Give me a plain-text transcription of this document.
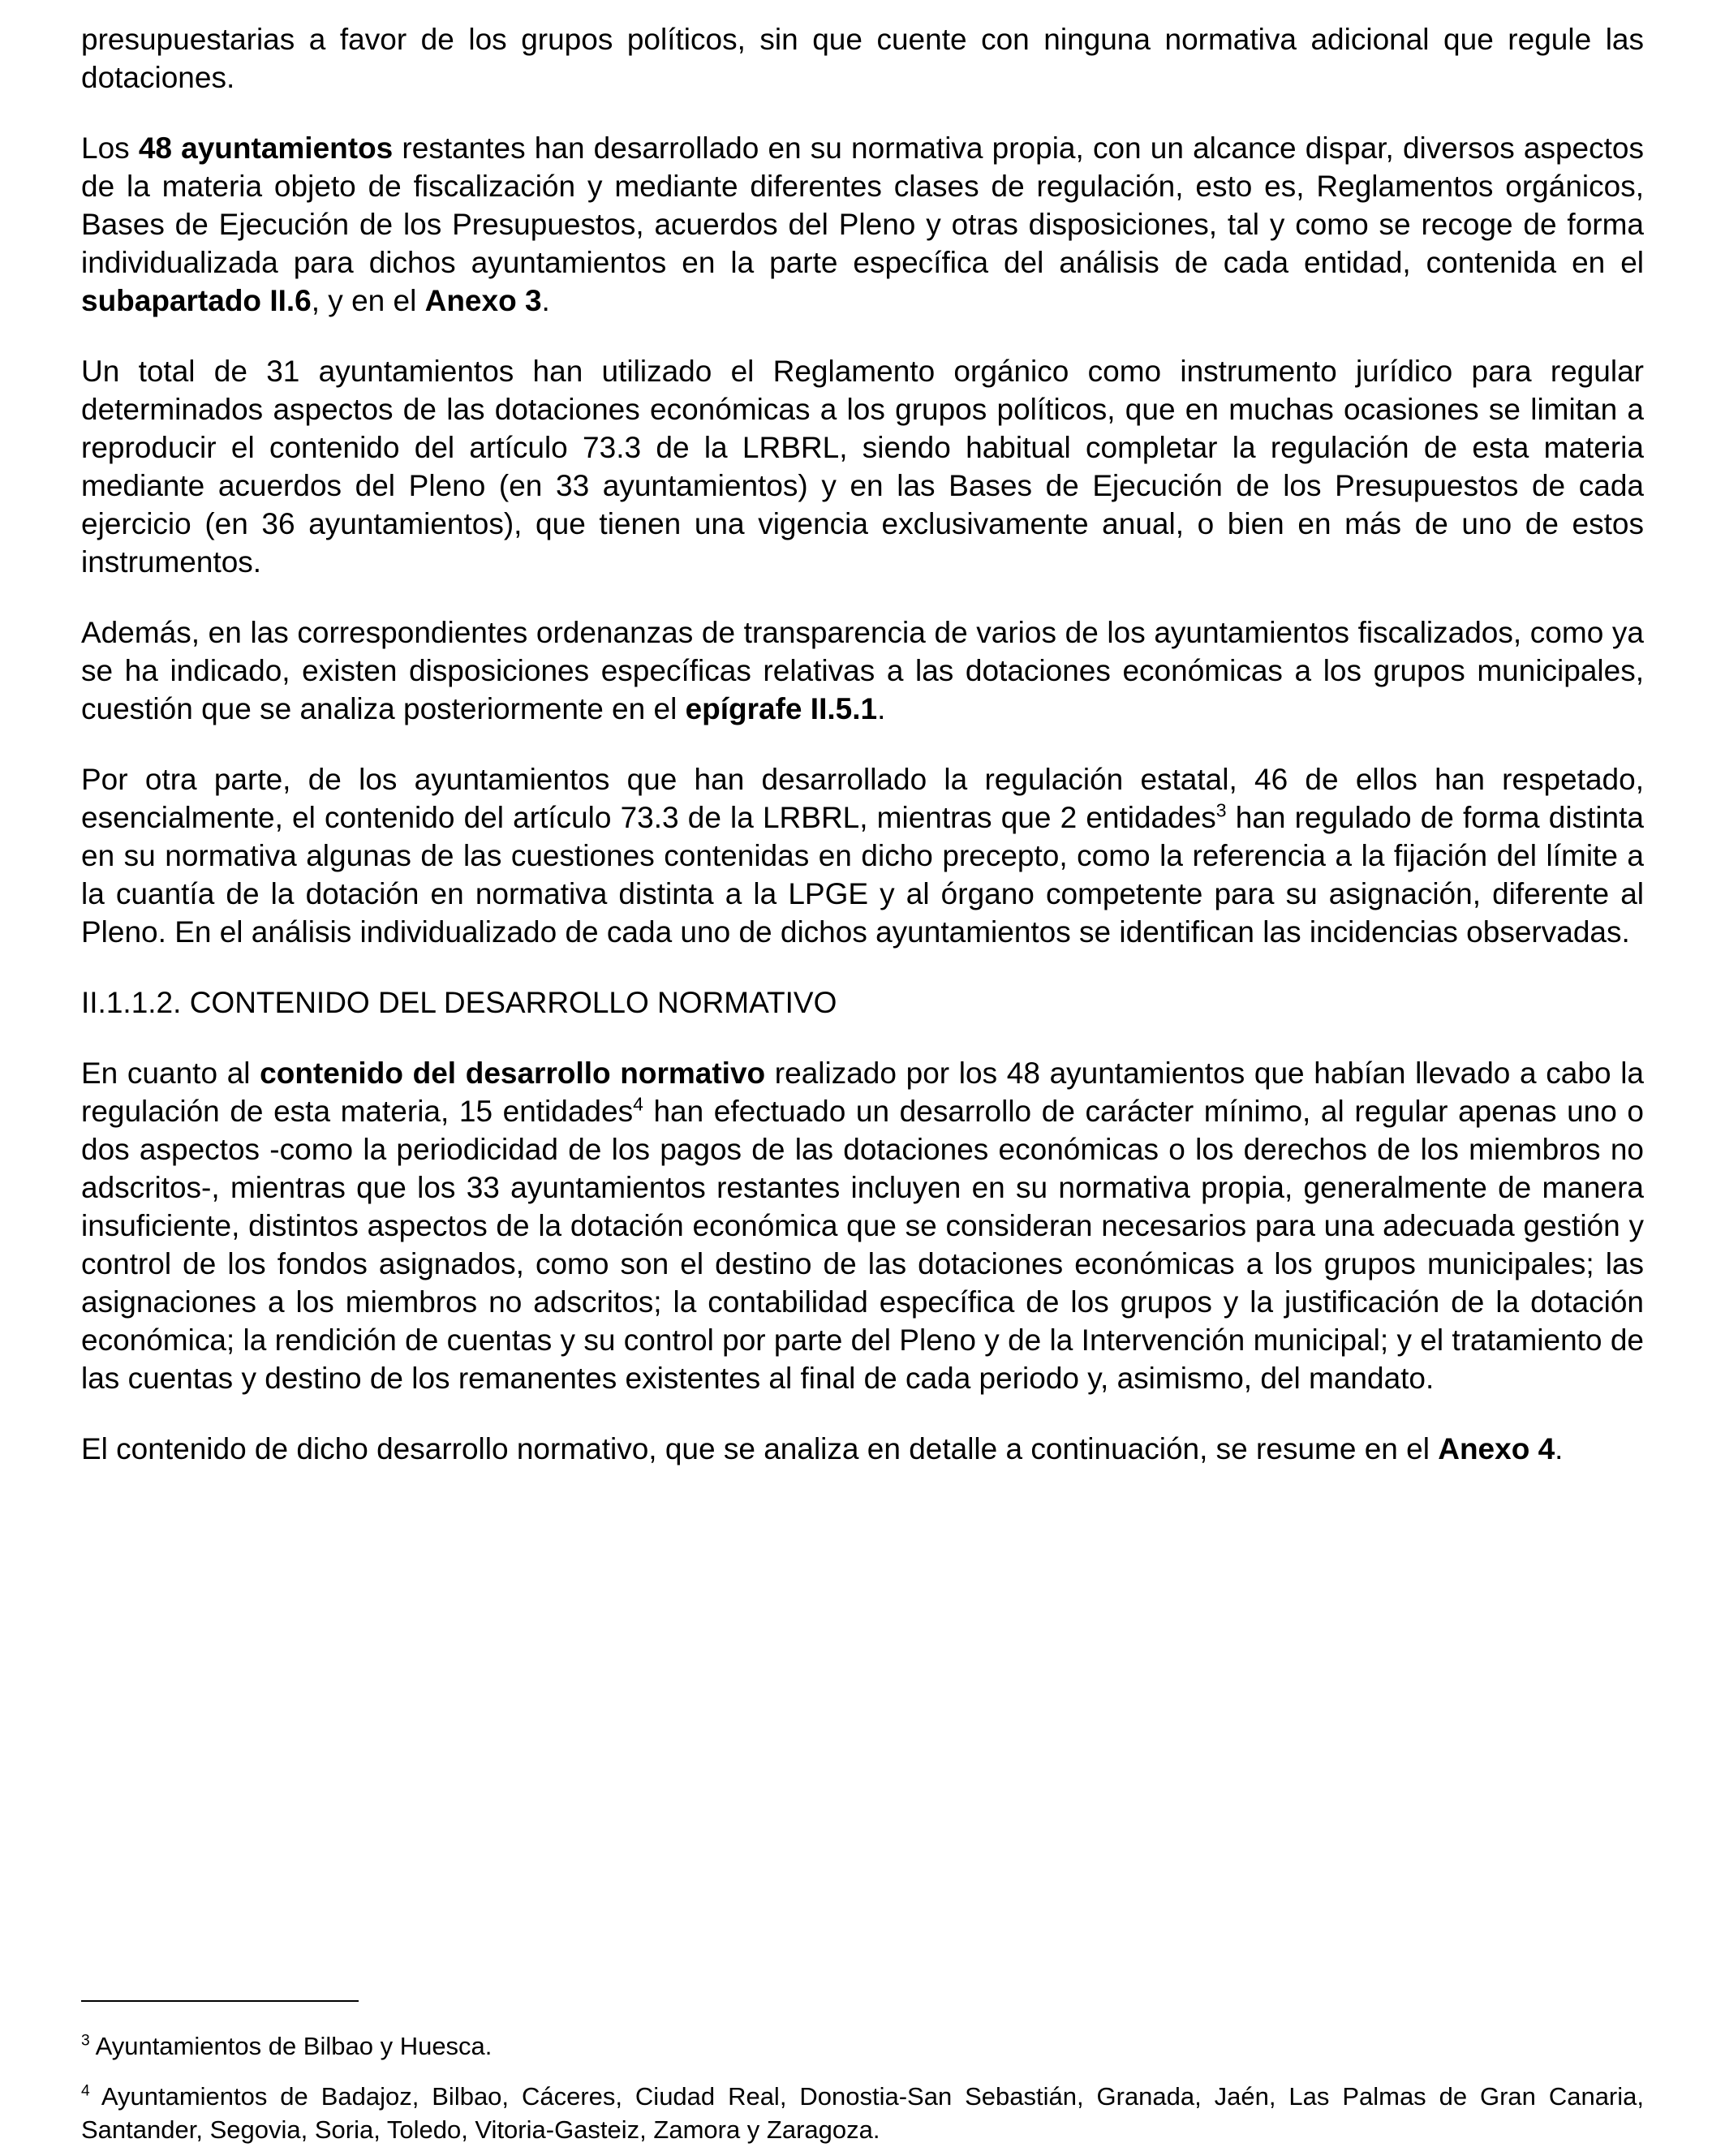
presupuestarias a favor de los grupos políticos, sin que cuente con ninguna normativa adicional que regule las dotaciones.

Los 48 ayuntamientos restantes han desarrollado en su normativa propia, con un alcance dispar, diversos aspectos de la materia objeto de fiscalización y mediante diferentes clases de regulación, esto es, Reglamentos orgánicos, Bases de Ejecución de los Presupuestos, acuerdos del Pleno y otras disposiciones, tal y como se recoge de forma individualizada para dichos ayuntamientos en la parte específica del análisis de cada entidad, contenida en el subapartado II.6, y en el Anexo 3.

Un total de 31 ayuntamientos han utilizado el Reglamento orgánico como instrumento jurídico para regular determinados aspectos de las dotaciones económicas a los grupos políticos, que en muchas ocasiones se limitan a reproducir el contenido del artículo 73.3 de la LRBRL, siendo habitual completar la regulación de esta materia mediante acuerdos del Pleno (en 33 ayuntamientos) y en las Bases de Ejecución de los Presupuestos de cada ejercicio (en 36 ayuntamientos), que tienen una vigencia exclusivamente anual, o bien en más de uno de estos instrumentos.

Además, en las correspondientes ordenanzas de transparencia de varios de los ayuntamientos fiscalizados, como ya se ha indicado, existen disposiciones específicas relativas a las dotaciones económicas a los grupos municipales, cuestión que se analiza posteriormente en el epígrafe II.5.1.

Por otra parte, de los ayuntamientos que han desarrollado la regulación estatal, 46 de ellos han respetado, esencialmente, el contenido del artículo 73.3 de la LRBRL, mientras que 2 entidades$^3$ han regulado de forma distinta en su normativa algunas de las cuestiones contenidas en dicho precepto, como la referencia a la fijación del límite a la cuantía de la dotación en normativa distinta a la LPGE y al órgano competente para su asignación, diferente al Pleno. En el análisis individualizado de cada uno de dichos ayuntamientos se identifican las incidencias observadas.

II.1.1.2. CONTENIDO DEL DESARROLLO NORMATIVO

En cuanto al contenido del desarrollo normativo realizado por los 48 ayuntamientos que habían llevado a cabo la regulación de esta materia, 15 entidades$^4$ han efectuado un desarrollo de carácter mínimo, al regular apenas uno o dos aspectos -como la periodicidad de los pagos de las dotaciones económicas o los derechos de los miembros no adscritos-, mientras que los 33 ayuntamientos restantes incluyen en su normativa propia, generalmente de manera insuficiente, distintos aspectos de la dotación económica que se consideran necesarios para una adecuada gestión y control de los fondos asignados, como son el destino de las dotaciones económicas a los grupos municipales; las asignaciones a los miembros no adscritos; la contabilidad específica de los grupos y la justificación de la dotación económica; la rendición de cuentas y su control por parte del Pleno y de la Intervención municipal; y el tratamiento de las cuentas y destino de los remanentes existentes al final de cada periodo y, asimismo, del mandato.

El contenido de dicho desarrollo normativo, que se analiza en detalle a continuación, se resume en el Anexo 4.

$^3$ Ayuntamientos de Bilbao y Huesca.

$^4$ Ayuntamientos de Badajoz, Bilbao, Cáceres, Ciudad Real, Donostia-San Sebastián, Granada, Jaén, Las Palmas de Gran Canaria, Santander, Segovia, Soria, Toledo, Vitoria-Gasteiz, Zamora y Zaragoza.
